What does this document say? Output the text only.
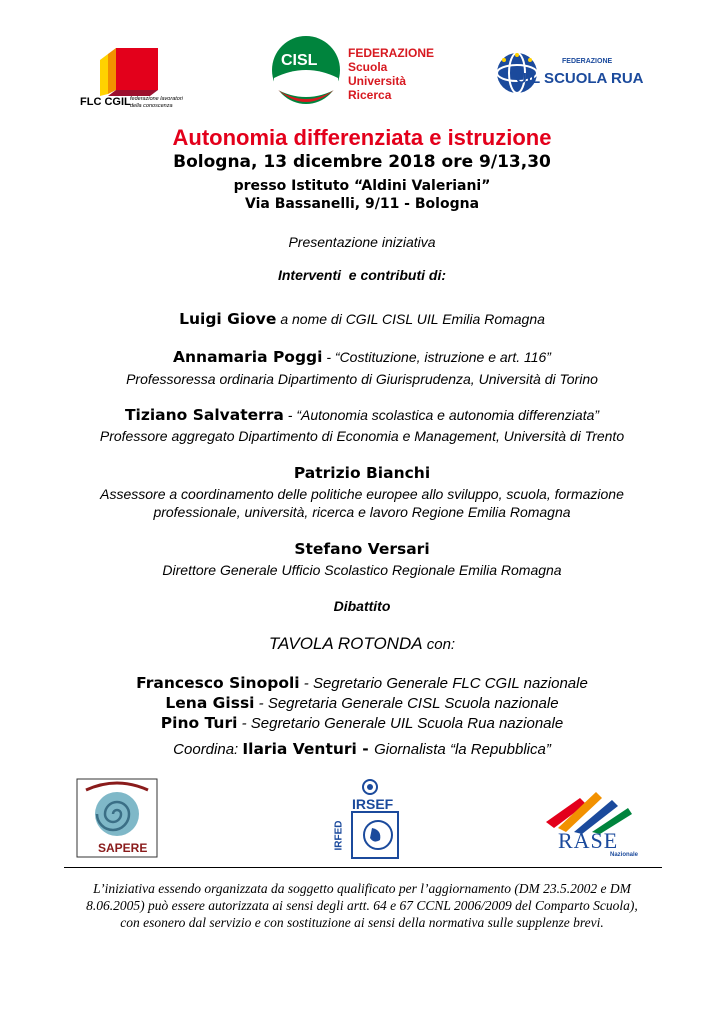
FLC CGIL federazione lavoratori
della conoscenza
CISL	FEDERAZIONE
Scuola
Università
Ricerca
FEDERAZIONE
UIL SCUOLA RUA
Autonomia differenziata e istruzione
Bologna, 13 dicembre 2018 ore 9/13,30
presso Istituto “Aldini Valeriani”
Via Bassanelli, 9/11 - Bologna
Presentazione iniziativa
Interventi  e contributi di:
Luigi Giove a nome di CGIL CISL UIL Emilia Romagna
Annamaria Poggi - “Costituzione, istruzione e art. 116”
Professoressa ordinaria Dipartimento di Giurisprudenza, Università di Torino
Tiziano Salvaterra - “Autonomia scolastica e autonomia differenziata”
Professore aggregato Dipartimento di Economia e Management, Università di Trento
Patrizio Bianchi
Assessore a coordinamento delle politiche europee allo sviluppo, scuola, formazione
professionale, università, ricerca e lavoro Regione Emilia Romagna
Stefano Versari
Direttore Generale Ufficio Scolastico Regionale Emilia Romagna
Dibattito
TAVOLA ROTONDA con:
Francesco Sinopoli - Segretario Generale FLC CGIL nazionale
Lena Gissi - Segretaria Generale CISL Scuola nazionale
Pino Turi - Segretario Generale UIL Scuola Rua nazionale
Coordina: Ilaria Venturi - Giornalista “la Repubblica”
SAPERE
IRSEF
IRFED	RASE
Nazionale
L’iniziativa essendo organizzata da soggetto qualificato per l’aggiornamento (DM 23.5.2002 e DM
8.06.2005) può essere autorizzata ai sensi degli artt. 64 e 67 CCNL 2006/2009 del Comparto Scuola),
con esonero dal servizio e con sostituzione ai sensi della normativa sulle supplenze brevi.
